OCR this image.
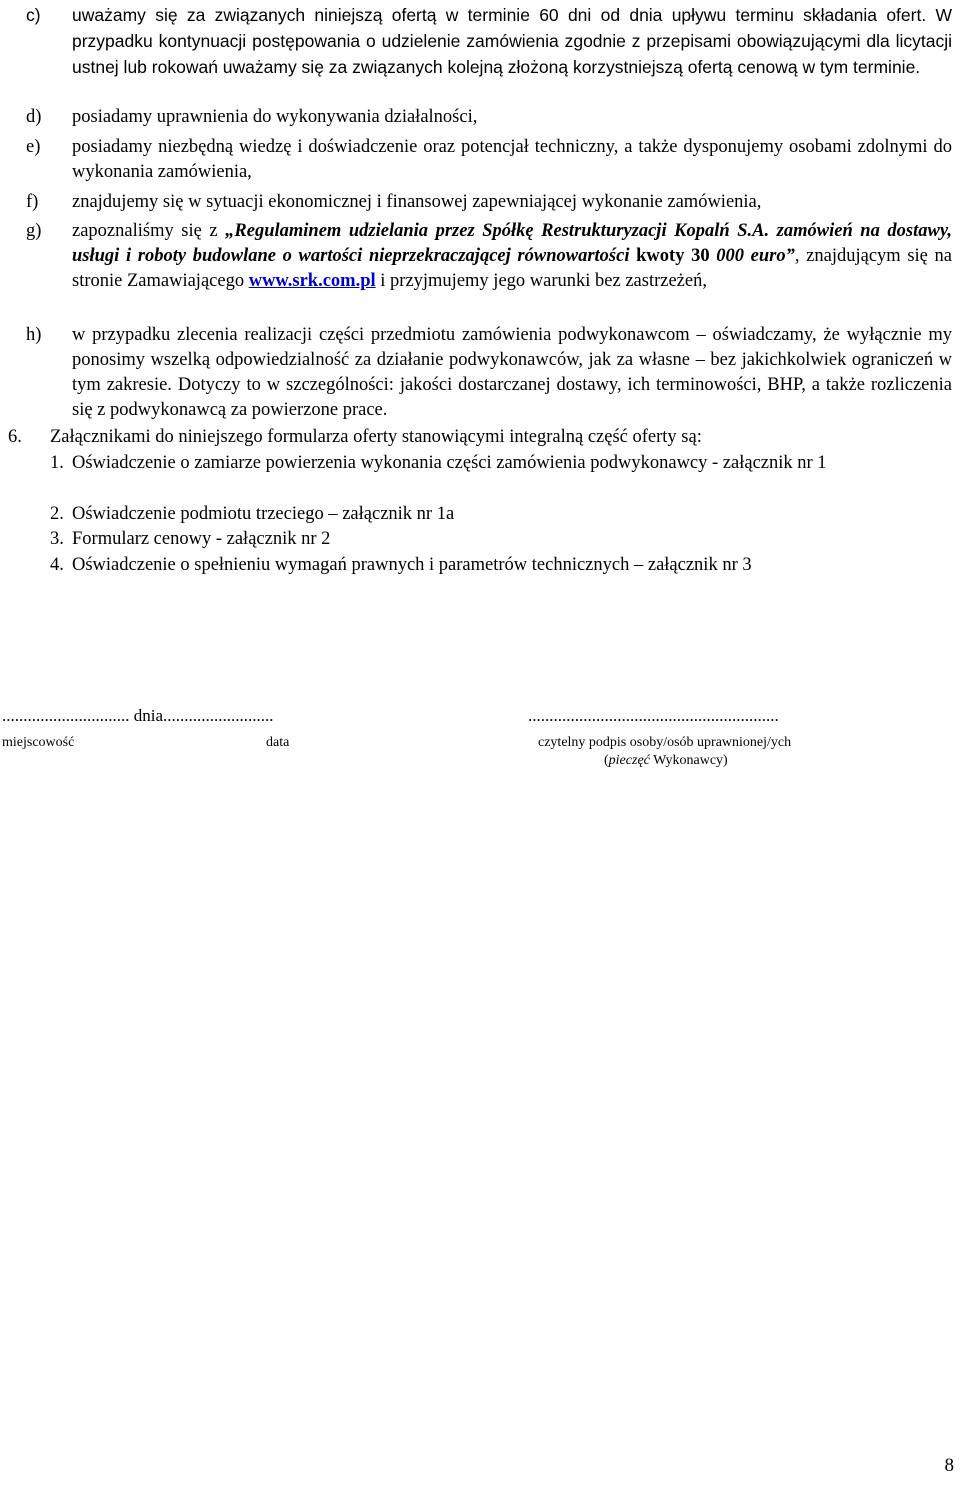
c) uważamy się za związanych niniejszą ofertą w terminie 60 dni od dnia upływu terminu składania ofert. W przypadku kontynuacji postępowania o udzielenie zamówienia zgodnie z przepisami obowiązującymi dla licytacji ustnej lub rokowań uważamy się za związanych kolejną złożoną korzystniejszą ofertą cenową w tym terminie.
d) posiadamy uprawnienia do wykonywania działalności,
e) posiadamy niezbędną wiedzę i doświadczenie oraz potencjał techniczny, a także dysponujemy osobami zdolnymi do wykonania zamówienia,
f) znajdujemy się w sytuacji ekonomicznej i finansowej zapewniającej wykonanie zamówienia,
g) zapoznaliśmy się z „Regulaminem udzielania przez Spółkę Restrukturyzacji Kopalń S.A. zamówień na dostawy, usługi i roboty budowlane o wartości nieprzekraczającej równowartości kwoty 30 000 euro”, znajdującym się na stronie Zamawiającego www.srk.com.pl i przyjmujemy jego warunki bez zastrzeżeń,
h) w przypadku zlecenia realizacji części przedmiotu zamówienia podwykonawcom – oświadczamy, że wyłącznie my ponosimy wszelką odpowiedzialność za działanie podwykonawców, jak za własne – bez jakichkolwiek ograniczeń w tym zakresie. Dotyczy to w szczególności: jakości dostarczanej dostawy, ich terminowości, BHP, a także rozliczenia się z podwykonawcą za powierzone prace.
6. Załącznikami do niniejszego formularza oferty stanowiącymi integralną część oferty są:
1. Oświadczenie o zamiarze powierzenia wykonania części zamówienia podwykonawcy - załącznik nr 1
2. Oświadczenie podmiotu trzeciego – załącznik nr 1a
3. Formularz cenowy - załącznik nr 2
4. Oświadczenie o spełnieniu wymagań prawnych i parametrów technicznych – załącznik nr 3
.............................. dnia..........................	...........................................................
miejscowość	data	czytelny podpis osoby/osób uprawnionej/ych
(pieczęć Wykonawcy)
8
